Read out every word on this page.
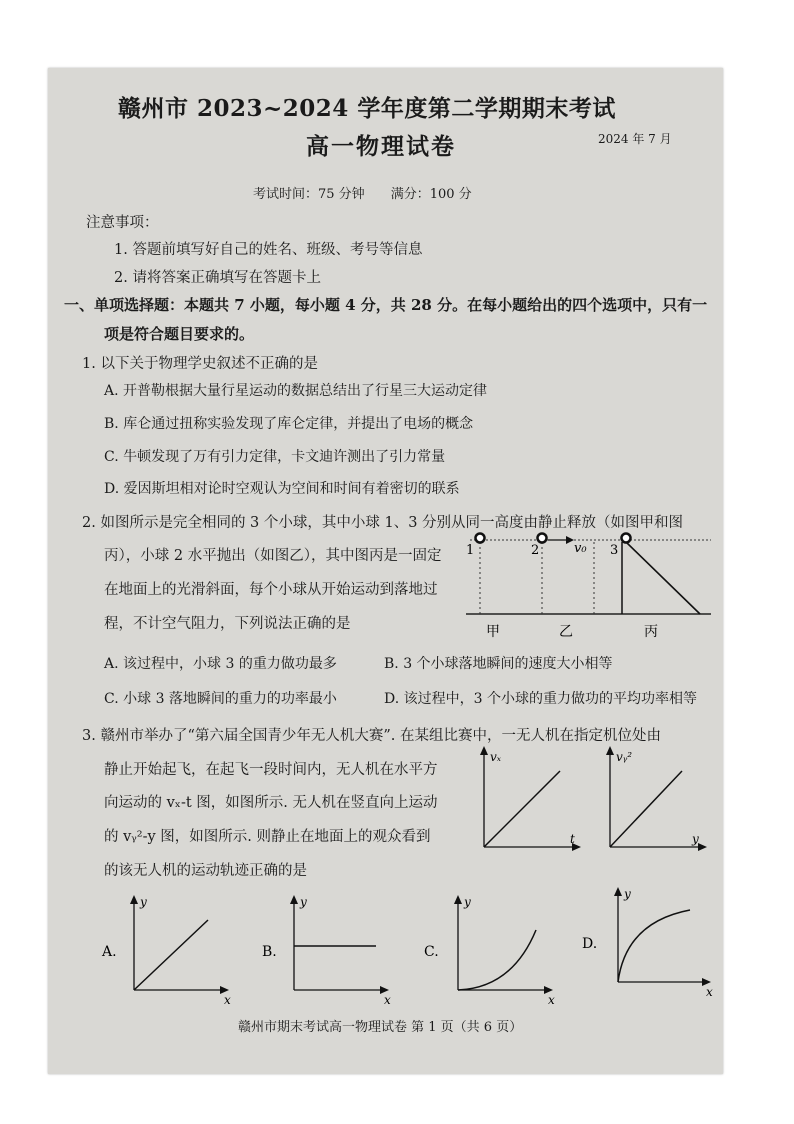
赣州市 2023~2024 学年度第二学期期末考试
高一物理试卷	2024 年 7 月
考试时间：75 分钟 满分：100 分
注意事项：
1. 答题前填写好自己的姓名、班级、考号等信息
2. 请将答案正确填写在答题卡上
一、单项选择题：本题共 7 小题，每小题 4 分，共 28 分。在每小题给出的四个选项中，只有一
项是符合题目要求的。
1. 以下关于物理学史叙述不正确的是
A. 开普勒根据大量行星运动的数据总结出了行星三大运动定律
B. 库仑通过扭称实验发现了库仑定律，并提出了电场的概念
C. 牛顿发现了万有引力定律，卡文迪许测出了引力常量
D. 爱因斯坦相对论时空观认为空间和时间有着密切的联系
2. 如图所示是完全相同的 3 个小球，其中小球 1、3 分别从同一高度由静止释放（如图甲和图
丙），小球 2 水平抛出（如图乙），其中图丙是一固定
在地面上的光滑斜面，每个小球从开始运动到落地过
程，不计空气阻力，下列说法正确的是
1	2	v₀ 3
甲	乙	丙
A. 该过程中，小球 3 的重力做功最多	B. 3 个小球落地瞬间的速度大小相等
C. 小球 3 落地瞬间的重力的功率最小	D. 该过程中，3 个小球的重力做功的平均功率相等
3. 赣州市举办了“第六届全国青少年无人机大赛”. 在某组比赛中，一无人机在指定机位处由
静止开始起飞，在起飞一段时间内，无人机在水平方
向运动的 vₓ-t 图，如图所示. 无人机在竖直向上运动
的 vᵧ²-y 图，如图所示. 则静止在地面上的观众看到
的该无人机的运动轨迹正确的是
vₓ
t
vᵧ²
y
A.
y
x
B.
y
x
C.
y
x
D.
y
x
赣州市期末考试高一物理试卷 第 1 页（共 6 页）
